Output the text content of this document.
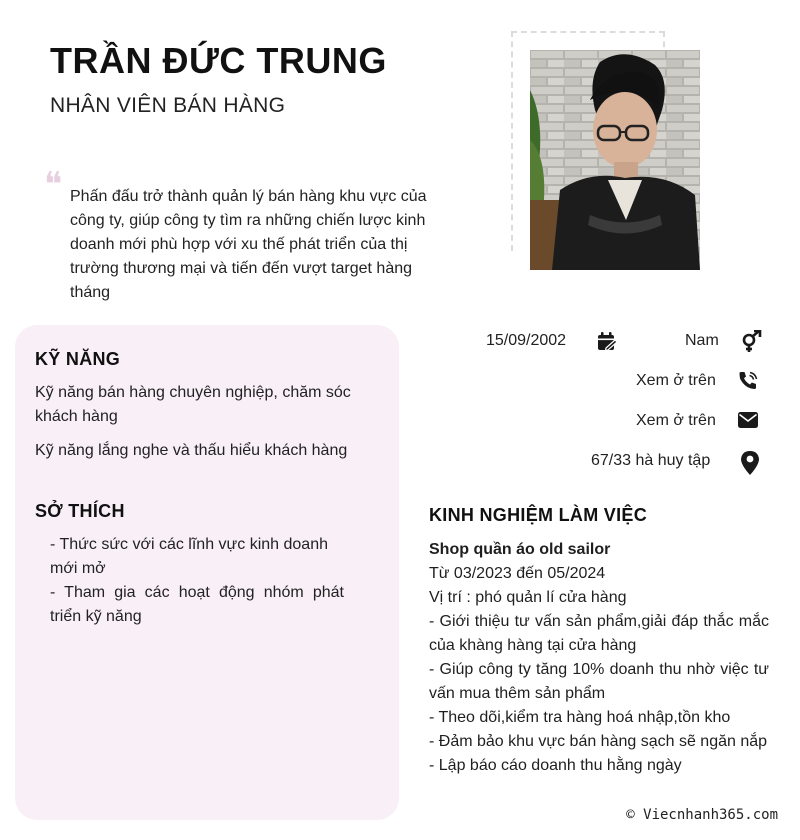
TRẦN ĐỨC TRUNG
NHÂN VIÊN BÁN HÀNG
❝ Phấn đấu trở thành quản lý bán hàng khu vực của công ty, giúp công ty tìm ra những chiến lược kinh doanh mới phù hợp với xu thế phát triển của thị trường thương mại và tiến đến vượt target hàng tháng
KỸ NĂNG
Kỹ năng bán hàng chuyên nghiệp, chăm sóc khách hàng
Kỹ năng lắng nghe và thấu hiểu khách hàng
SỞ THÍCH
- Thức sức với các lĩnh vực kinh doanh mới mở
- Tham gia các hoạt động nhóm phát triển kỹ năng
15/09/2002	Nam
Xem ở trên
Xem ở trên
67/33 hà huy tập
KINH NGHIỆM LÀM VIỆC
Shop quần áo old sailor
Từ 03/2023 đến 05/2024
Vị trí : phó quản lí cửa hàng
- Giới thiệu tư vấn sản phẩm,giải đáp thắc mắc của khàng hàng tại cửa hàng
- Giúp công ty tăng 10% doanh thu nhờ việc tư vấn mua thêm sản phẩm
- Theo dõi,kiểm tra hàng hoá nhập,tồn kho
- Đảm bảo khu vực bán hàng sạch sẽ ngăn nắp
- Lập báo cáo doanh thu hằng ngày
© Viecnhanh365.com
